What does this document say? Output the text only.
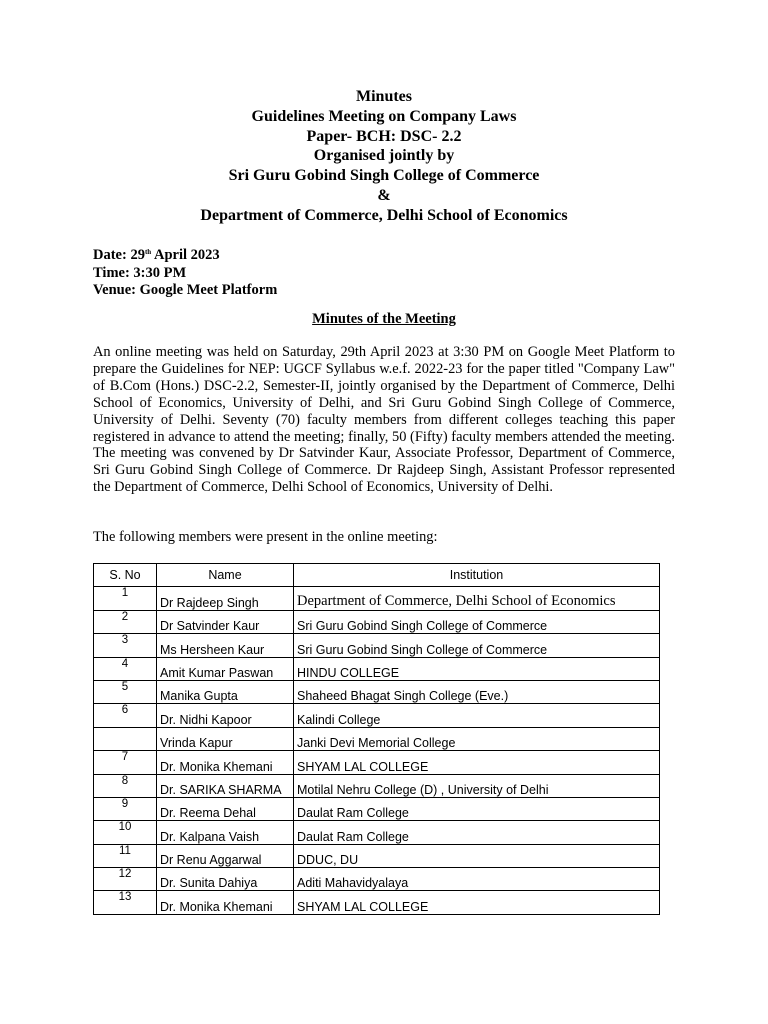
Minutes
Guidelines Meeting on Company Laws
Paper- BCH: DSC- 2.2
Organised jointly by
Sri Guru Gobind Singh College of Commerce
&
Department of Commerce, Delhi School of Economics
Date: 29th April 2023
Time: 3:30 PM
Venue: Google Meet Platform
Minutes of the Meeting
An online meeting was held on Saturday, 29th April 2023 at 3:30 PM on Google Meet Platform to prepare the Guidelines for NEP: UGCF Syllabus w.e.f. 2022-23 for the paper titled "Company Law" of B.Com (Hons.) DSC-2.2, Semester-II, jointly organised by the Department of Commerce, Delhi School of Economics, University of Delhi, and Sri Guru Gobind Singh College of Commerce, University of Delhi. Seventy (70) faculty members from different colleges teaching this paper registered in advance to attend the meeting; finally, 50 (Fifty) faculty members attended the meeting. The meeting was convened by Dr Satvinder Kaur, Associate Professor, Department of Commerce, Sri Guru Gobind Singh College of Commerce. Dr Rajdeep Singh, Assistant Professor represented the Department of Commerce, Delhi School of Economics, University of Delhi.
The following members were present in the online meeting:
S. No	Name	Institution
1	Dr Rajdeep Singh	Department of Commerce, Delhi School of Economics
2	Dr Satvinder Kaur	Sri Guru Gobind Singh College of Commerce
3	Ms Hersheen Kaur	Sri Guru Gobind Singh College of Commerce
4	Amit Kumar Paswan	HINDU COLLEGE
5	Manika Gupta	Shaheed Bhagat Singh College (Eve.)
6	Dr. Nidhi Kapoor	Kalindi College
	Vrinda Kapur	Janki Devi Memorial College
7	Dr. Monika Khemani	SHYAM LAL COLLEGE
8	Dr. SARIKA SHARMA	Motilal Nehru College (D) , University of Delhi
9	Dr. Reema Dehal	Daulat Ram College
10	Dr. Kalpana Vaish	Daulat Ram College
11	Dr Renu Aggarwal	DDUC, DU
12	Dr. Sunita Dahiya	Aditi Mahavidyalaya
13	Dr. Monika Khemani	SHYAM LAL COLLEGE
